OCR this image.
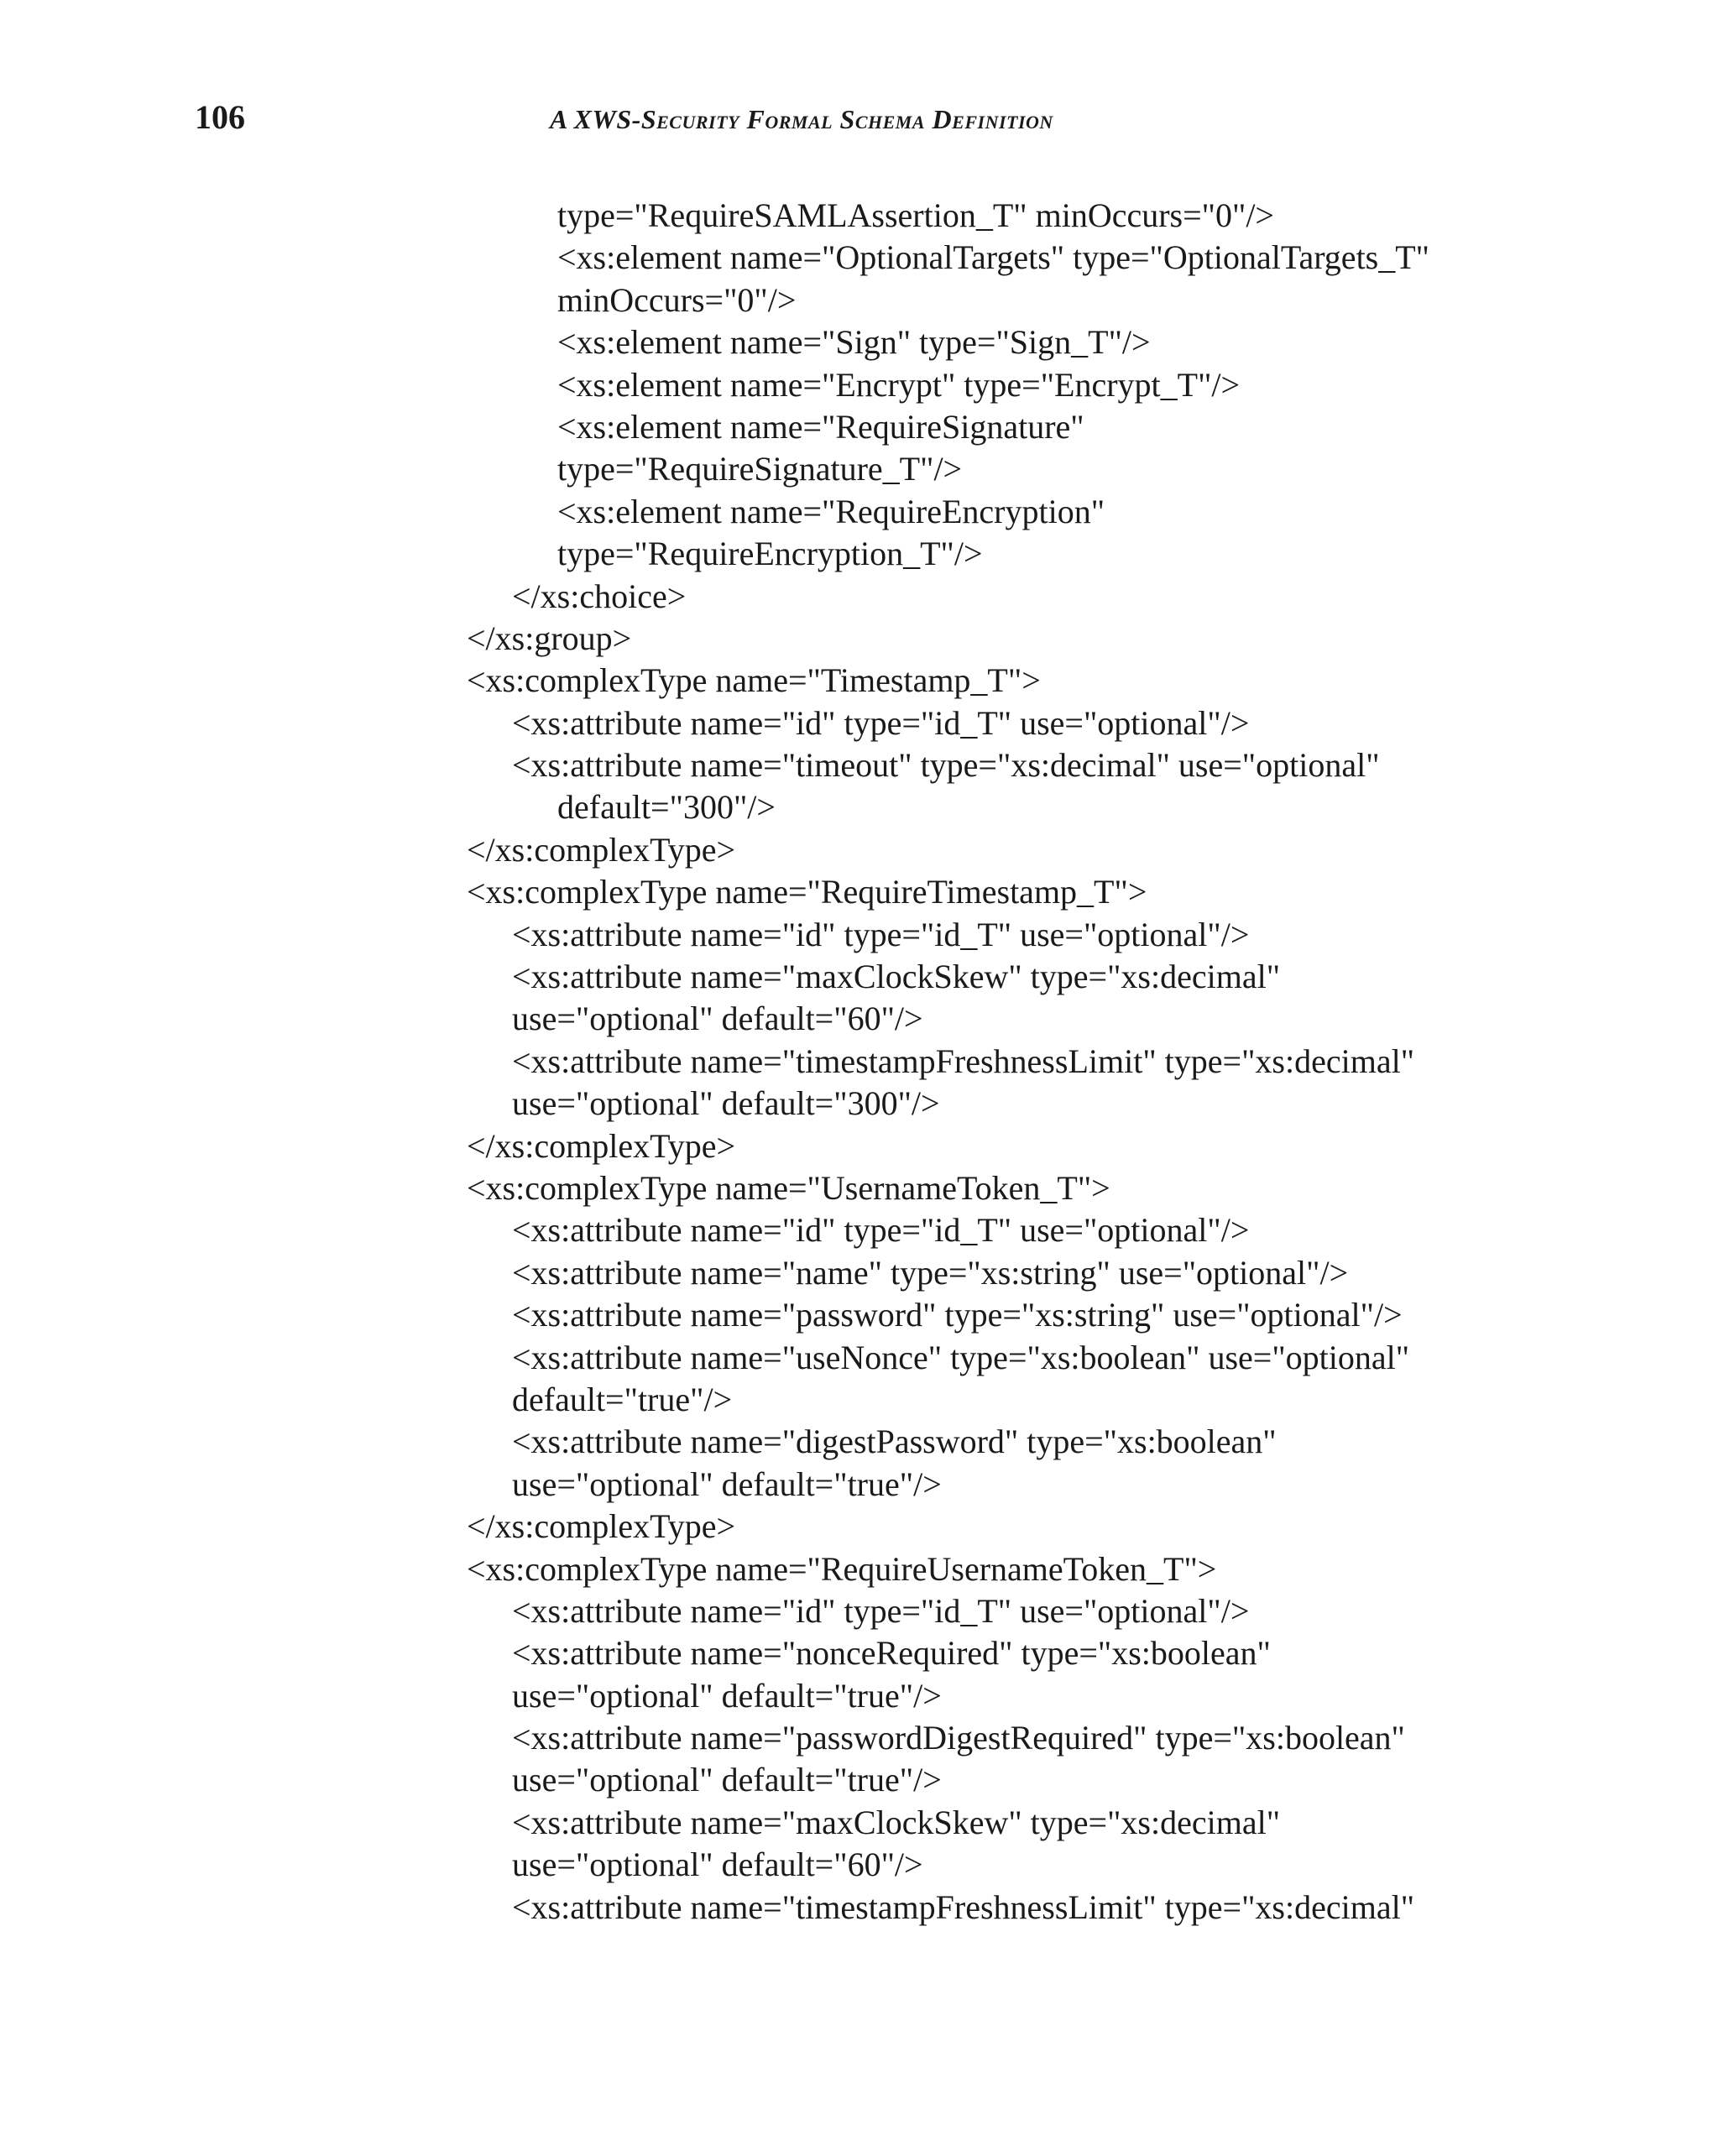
106	A XWS-Security Formal Schema Definition
type="RequireSAMLAssertion_T" minOccurs="0"/>
<xs:element name="OptionalTargets" type="OptionalTargets_T"
minOccurs="0"/>
<xs:element name="Sign" type="Sign_T"/>
<xs:element name="Encrypt" type="Encrypt_T"/>
<xs:element name="RequireSignature"
type="RequireSignature_T"/>
<xs:element name="RequireEncryption"
type="RequireEncryption_T"/>
</xs:choice>
</xs:group>
<xs:complexType name="Timestamp_T">
<xs:attribute name="id" type="id_T" use="optional"/>
<xs:attribute name="timeout" type="xs:decimal" use="optional"
default="300"/>
</xs:complexType>
<xs:complexType name="RequireTimestamp_T">
<xs:attribute name="id" type="id_T" use="optional"/>
<xs:attribute name="maxClockSkew" type="xs:decimal"
use="optional" default="60"/>
<xs:attribute name="timestampFreshnessLimit" type="xs:decimal"
use="optional" default="300"/>
</xs:complexType>
<xs:complexType name="UsernameToken_T">
<xs:attribute name="id" type="id_T" use="optional"/>
<xs:attribute name="name" type="xs:string" use="optional"/>
<xs:attribute name="password" type="xs:string" use="optional"/>
<xs:attribute name="useNonce" type="xs:boolean" use="optional"
default="true"/>
<xs:attribute name="digestPassword" type="xs:boolean"
use="optional" default="true"/>
</xs:complexType>
<xs:complexType name="RequireUsernameToken_T">
<xs:attribute name="id" type="id_T" use="optional"/>
<xs:attribute name="nonceRequired" type="xs:boolean"
use="optional" default="true"/>
<xs:attribute name="passwordDigestRequired" type="xs:boolean"
use="optional" default="true"/>
<xs:attribute name="maxClockSkew" type="xs:decimal"
use="optional" default="60"/>
<xs:attribute name="timestampFreshnessLimit" type="xs:decimal"
